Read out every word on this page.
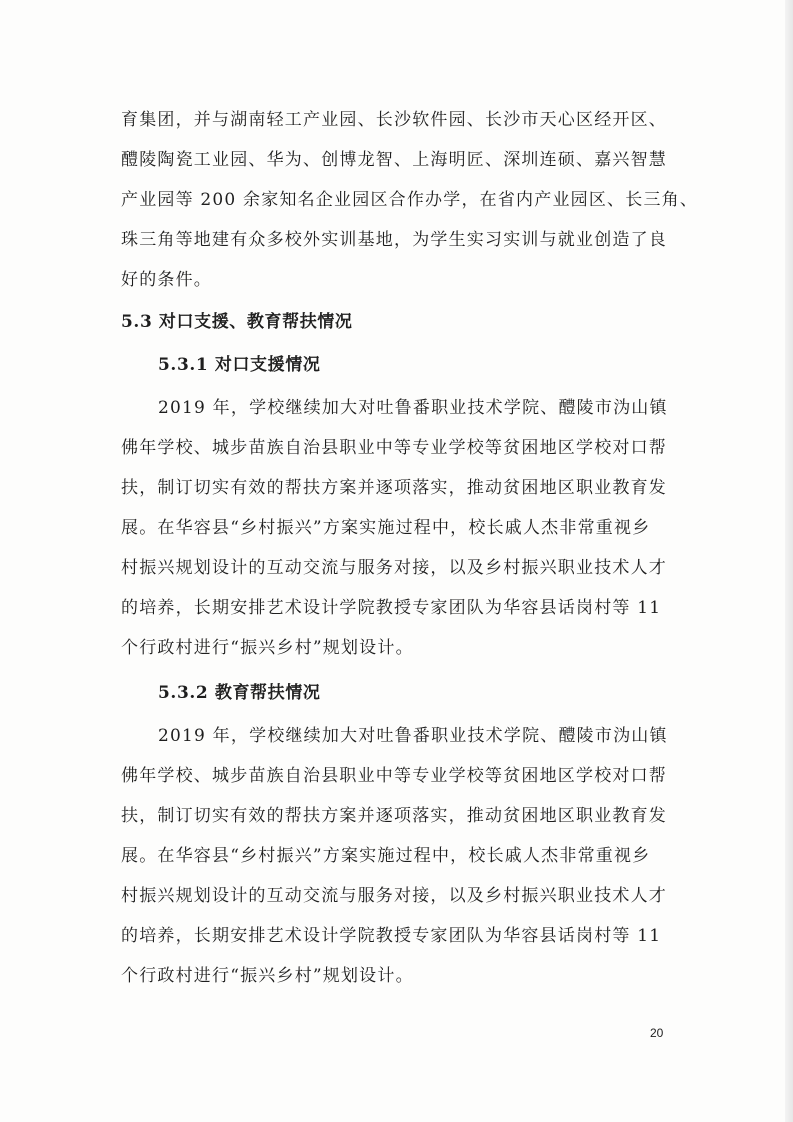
育集团，并与湖南轻工产业园、长沙软件园、长沙市天心区经开区、
醴陵陶瓷工业园、华为、创博龙智、上海明匠、深圳连硕、嘉兴智慧
产业园等 200 余家知名企业园区合作办学，在省内产业园区、长三角、
珠三角等地建有众多校外实训基地，为学生实习实训与就业创造了良
好的条件。
5.3 对口支援、教育帮扶情况
5.3.1 对口支援情况
2019 年，学校继续加大对吐鲁番职业技术学院、醴陵市沩山镇
佛年学校、城步苗族自治县职业中等专业学校等贫困地区学校对口帮
扶，制订切实有效的帮扶方案并逐项落实，推动贫困地区职业教育发
展。在华容县“乡村振兴”方案实施过程中，校长戚人杰非常重视乡
村振兴规划设计的互动交流与服务对接，以及乡村振兴职业技术人才
的培养，长期安排艺术设计学院教授专家团队为华容县话岗村等 11
个行政村进行“振兴乡村”规划设计。
5.3.2 教育帮扶情况
2019 年，学校继续加大对吐鲁番职业技术学院、醴陵市沩山镇
佛年学校、城步苗族自治县职业中等专业学校等贫困地区学校对口帮
扶，制订切实有效的帮扶方案并逐项落实，推动贫困地区职业教育发
展。在华容县“乡村振兴”方案实施过程中，校长戚人杰非常重视乡
村振兴规划设计的互动交流与服务对接，以及乡村振兴职业技术人才
的培养，长期安排艺术设计学院教授专家团队为华容县话岗村等 11
个行政村进行“振兴乡村”规划设计。
20
